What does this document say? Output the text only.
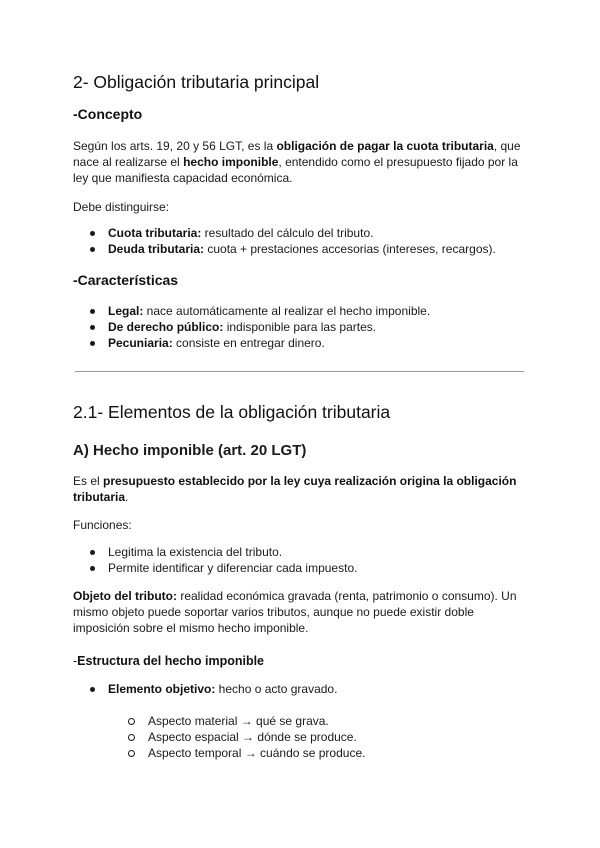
2- Obligación tributaria principal
-Concepto

Según los arts. 19, 20 y 56 LGT, es la obligación de pagar la cuota tributaria, que nace al realizarse el hecho imponible, entendido como el presupuesto fijado por la ley que manifiesta capacidad económica.

Debe distinguirse:

Cuota tributaria: resultado del cálculo del tributo.
Deuda tributaria: cuota + prestaciones accesorias (intereses, recargos).
-Características
Legal: nace automáticamente al realizar el hecho imponible.
De derecho público: indisponible para las partes.
Pecuniaria: consiste en entregar dinero.
2.1- Elementos de la obligación tributaria
A) Hecho imponible (art. 20 LGT)

Es el presupuesto establecido por la ley cuya realización origina la obligación tributaria.

Funciones:

Legitima la existencia del tributo.
Permite identificar y diferenciar cada impuesto.

Objeto del tributo: realidad económica gravada (renta, patrimonio o consumo). Un mismo objeto puede soportar varios tributos, aunque no puede existir doble imposición sobre el mismo hecho imponible.

-Estructura del hecho imponible

Elemento objetivo: hecho o acto gravado.
Aspecto material → qué se grava.
Aspecto espacial → dónde se produce.
Aspecto temporal → cuándo se produce.
